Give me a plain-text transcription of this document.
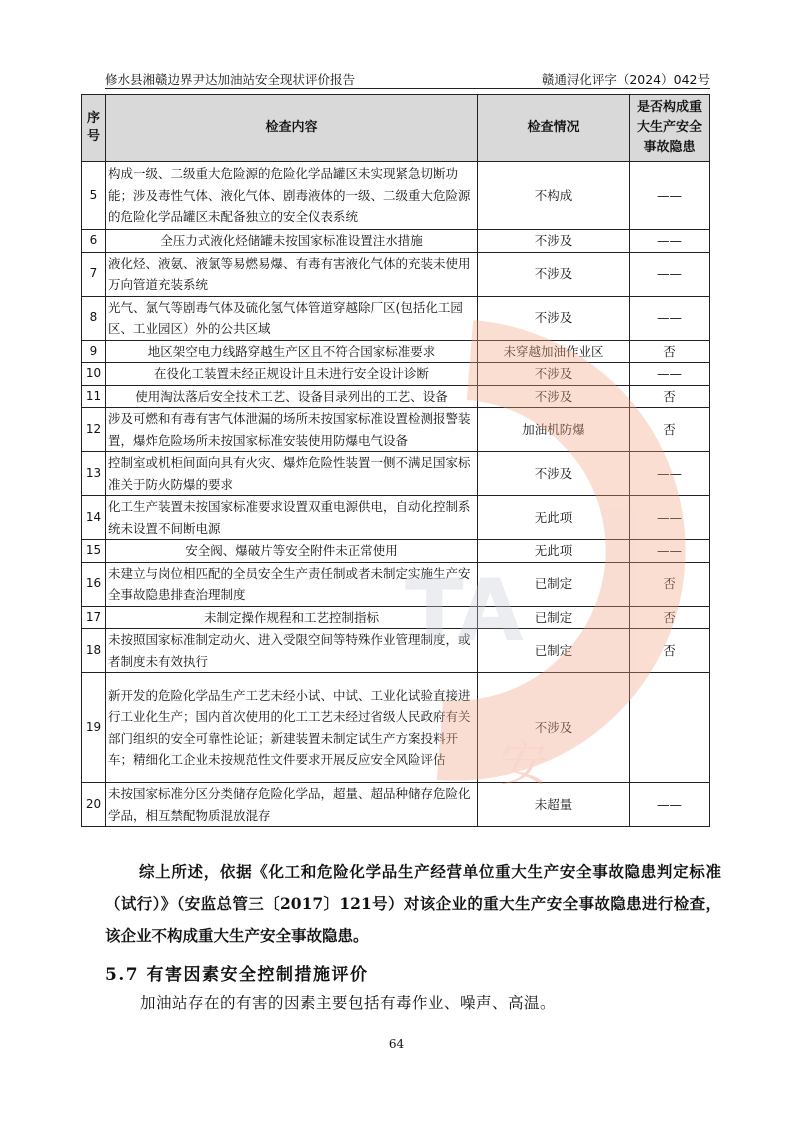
修水县湘赣边界尹达加油站安全现状评价报告	赣通浔化评字（2024）042号
序号	检查内容	检查情况	是否构成重大生产安全事故隐患
5	构成一级、二级重大危险源的危险化学品罐区未实现紧急切断功能；涉及毒性气体、液化气体、剧毒液体的一级、二级重大危险源的危险化学品罐区未配备独立的安全仪表系统	不构成	——
6	全压力式液化烃储罐未按国家标准设置注水措施	不涉及	——
7	液化烃、液氨、液氯等易燃易爆、有毒有害液化气体的充装未使用万向管道充装系统	不涉及	——
8	光气、氯气等剧毒气体及硫化氢气体管道穿越除厂区(包括化工园区、工业园区）外的公共区域	不涉及	——
9	地区架空电力线路穿越生产区且不符合国家标准要求	未穿越加油作业区	否
10	在役化工装置未经正规设计且未进行安全设计诊断	不涉及	——
11	使用淘汰落后安全技术工艺、设备目录列出的工艺、设备	不涉及	否
12	涉及可燃和有毒有害气体泄漏的场所未按国家标准设置检测报警装置，爆炸危险场所未按国家标准安装使用防爆电气设备	加油机防爆	否
13	控制室或机柜间面向具有火灾、爆炸危险性装置一侧不满足国家标准关于防火防爆的要求	不涉及	——
14	化工生产装置未按国家标准要求设置双重电源供电，自动化控制系统未设置不间断电源	无此项	——
15	安全阀、爆破片等安全附件未正常使用	无此项	——
16	未建立与岗位相匹配的全员安全生产责任制或者未制定实施生产安全事故隐患排查治理制度	已制定	否
17	未制定操作规程和工艺控制指标	已制定	否
18	未按照国家标准制定动火、进入受限空间等特殊作业管理制度，或者制度未有效执行	已制定	否
19	新开发的危险化学品生产工艺未经小试、中试、工业化试验直接进行工业化生产；国内首次使用的化工工艺未经过省级人民政府有关部门组织的安全可靠性论证；新建装置未制定试生产方案投料开车；精细化工企业未按规范性文件要求开展反应安全风险评估	不涉及	
20	未按国家标准分区分类储存危险化学品，超量、超品种储存危险化学品，相互禁配物质混放混存	未超量	——
综上所述，依据《化工和危险化学品生产经营单位重大生产安全事故隐患判定标准（试行）》（安监总管三〔2017〕121号）对该企业的重大生产安全事故隐患进行检查，该企业不构成重大生产安全事故隐患。
5.7 有害因素安全控制措施评价
加油站存在的有害的因素主要包括有毒作业、噪声、高温。
64
TA
安
